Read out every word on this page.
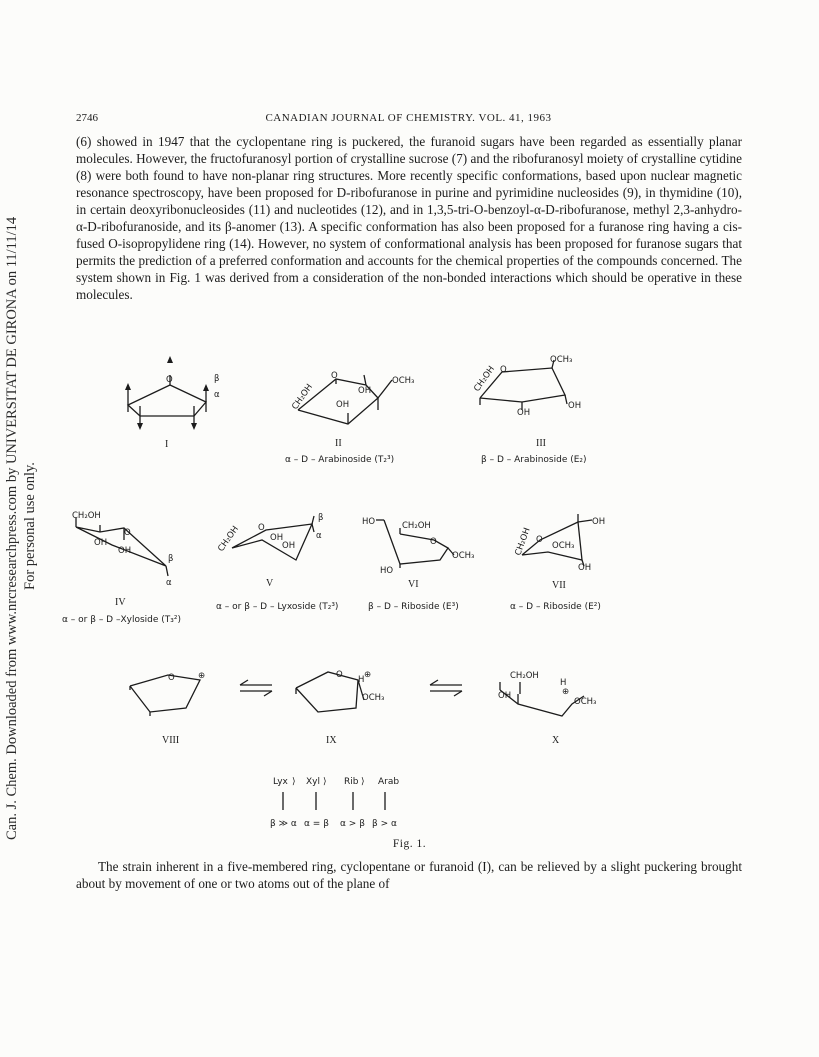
Can. J. Chem. Downloaded from www.nrcresearchpress.com by UNIVERSITAT DE GIRONA on 11/11/14 For personal use only.
2746	CANADIAN JOURNAL OF CHEMISTRY. VOL. 41, 1963

(6) showed in 1947 that the cyclopentane ring is puckered, the furanoid sugars have been regarded as essentially planar molecules. However, the fructofuranosyl portion of crystalline sucrose (7) and the ribofuranosyl moiety of crystalline cytidine (8) were both found to have non-planar ring structures. More recently specific conformations, based upon nuclear magnetic resonance spectroscopy, have been proposed for D-ribofuranose in purine and pyrimidine nucleosides (9), in thymidine (10), in certain deoxyribonucleosides (11) and nucleotides (12), and in 1,3,5-tri-O-benzoyl-α-D-ribofuranose, methyl 2,3-anhydro-α-D-ribofuranoside, and its β-anomer (13). A specific conformation has also been proposed for a furanose ring having a cis-fused O-isopropylidene ring (14). However, no system of conformational analysis has been proposed for furanose sugars that permits the prediction of a preferred conformation and accounts for the chemical properties of the compounds concerned. The system shown in Fig. 1 was derived from a consideration of the non-bonded interactions which should be operative in these molecules.

O	β
α
I
O	OCH₃
OH
OH
CH₂OH
II
α – D – Arabinoside (T₂³)
O
OCH₃
OH
OH
CH₂OH
III
β – D – Arabinoside (E₂)
CH₂OH
O
OH
OH
β
α
IV
α – or β – D –Xyloside (T₃²)
O
OH
OH
β
α
CH₂OH
V
α – or β – D – Lyxoside (T₂³)
HO	CH₂OH
O
OCH₃
HO
VI
β – D – Riboside (E³)
O
OH
OCH₃
OH
CH₂OH
VII
α – D – Riboside (E²)
O	⊕
VIII
O H ⊕
OCH₃
IX
CH₂OH
OH
H
⊕
OCH₃
X
Lyx ⟩ Xyl ⟩ Rib ⟩ Arab
β ≫ α α = β α > β β > α
Fig. 1.

The strain inherent in a five-membered ring, cyclopentane or furanoid (I), can be relieved by a slight puckering brought about by movement of one or two atoms out of the plane of
